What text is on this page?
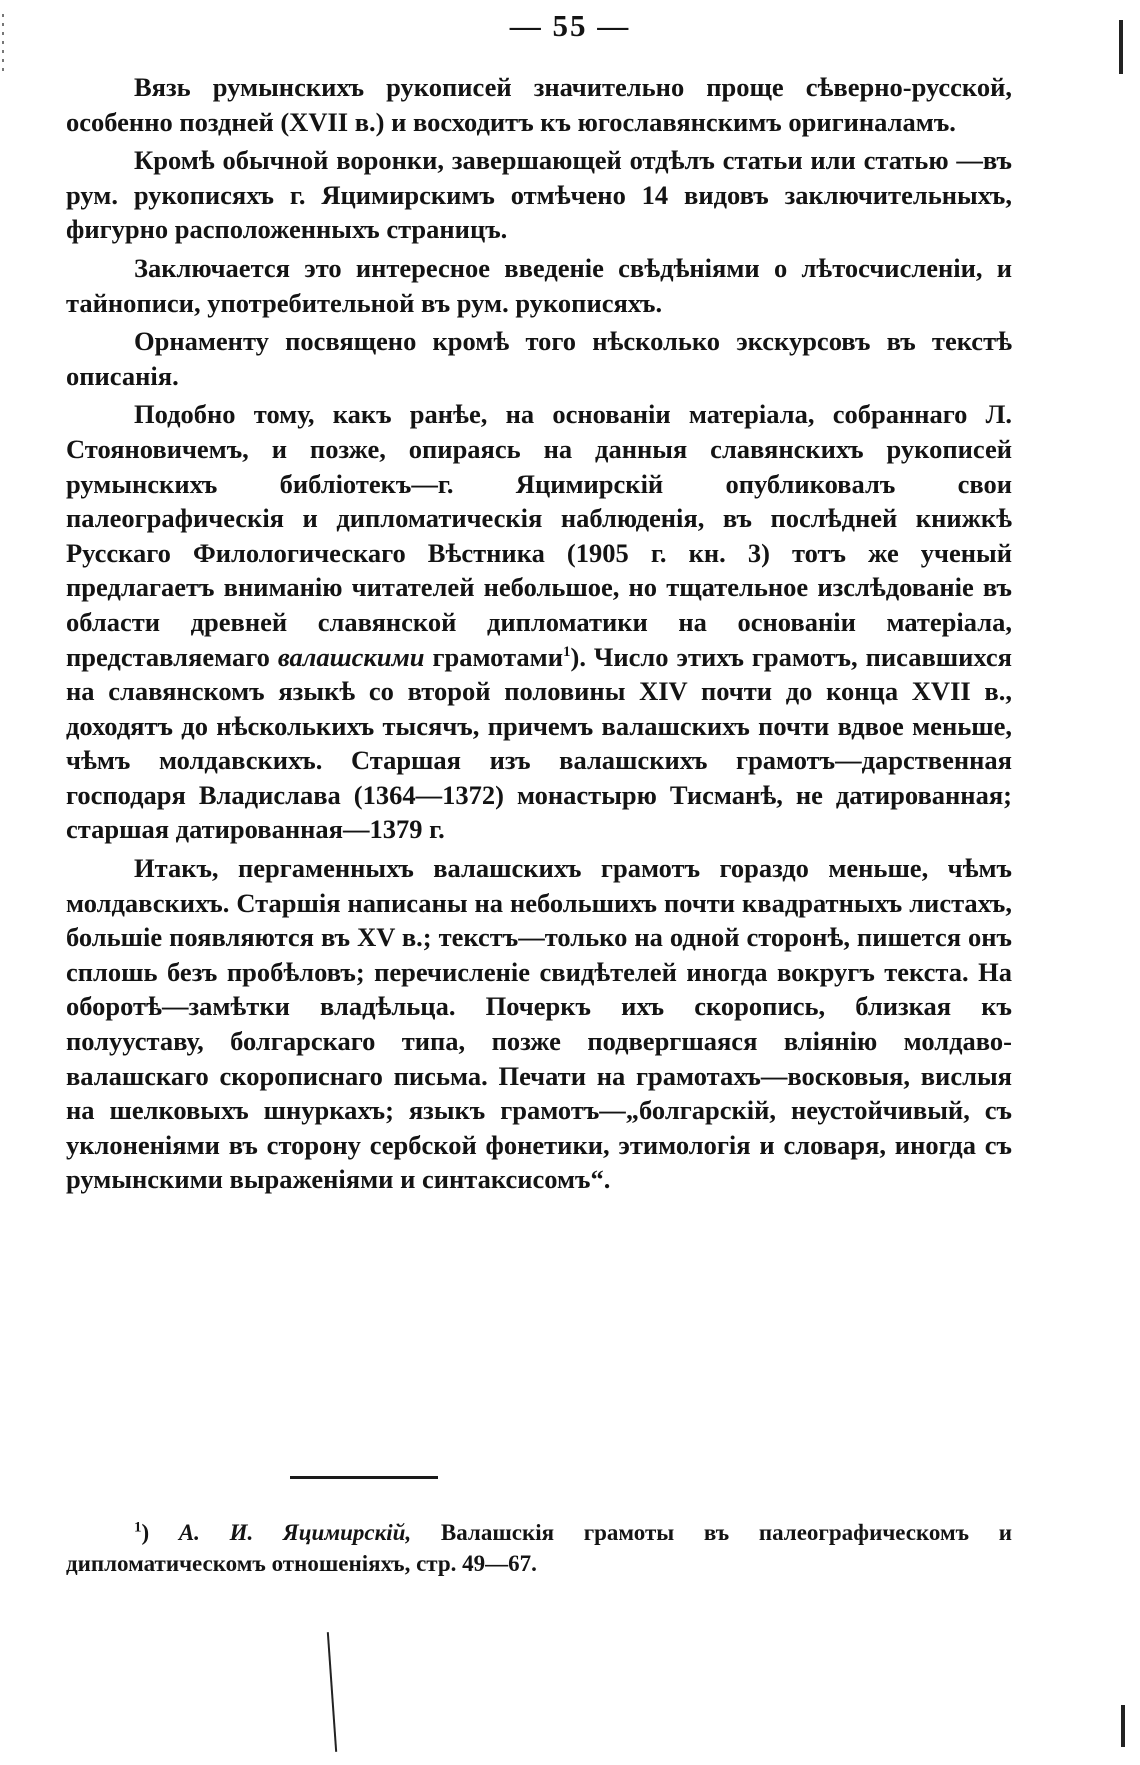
— 55 —

Вязь румынскихъ рукописей значительно проще сѣверно-русской, особенно поздней (XVII в.) и восходитъ къ югославянскимъ оригиналамъ.

Кромѣ обычной воронки, завершающей отдѣлъ статьи или статью —въ рум. рукописяхъ г. Яцимирскимъ отмѣчено 14 видовъ заключительныхъ, фигурно расположенныхъ страницъ.

Заключается это интересное введеніе свѣдѣніями о лѣтосчисленіи, и тайнописи, употребительной въ рум. рукописяхъ.

Орнаменту посвящено кромѣ того нѣсколько экскурсовъ въ текстѣ описанія.

Подобно тому, какъ ранѣе, на основаніи матеріала, собраннаго Л. Стояновичемъ, и позже, опираясь на данныя славянскихъ рукописей румынскихъ библіотекъ—г. Яцимирскій опубликовалъ свои палеографическія и дипломатическія наблюденія, въ послѣдней книжкѣ Русскаго Филологическаго Вѣстника (1905 г. кн. 3) тотъ же ученый предлагаетъ вниманію читателей небольшое, но тщательное изслѣдованіе въ области древней славянской дипломатики на основаніи матеріала, представляемаго валашскими грамотами$^1$). Число этихъ грамотъ, писавшихся на славянскомъ языкѣ со второй половины XIV почти до конца XVII в., доходятъ до нѣсколькихъ тысячъ, причемъ валашскихъ почти вдвое меньше, чѣмъ молдавскихъ. Старшая изъ валашскихъ грамотъ—дарственная господаря Владислава (1364—1372) монастырю Тисманѣ, не датированная; старшая датированная—1379 г.

Итакъ, пергаменныхъ валашскихъ грамотъ гораздо меньше, чѣмъ молдавскихъ. Старшія написаны на небольшихъ почти квадратныхъ листахъ, большіе появляются въ XV в.; текстъ—только на одной сторонѣ, пишется онъ сплошь безъ пробѣловъ; перечисленіе свидѣтелей иногда вокругъ текста. На оборотѣ—замѣтки владѣльца. Почеркъ ихъ скоропись, близкая къ полууставу, болгарскаго типа, позже подвергшаяся вліянію молдаво-валашскаго скорописнаго письма. Печати на грамотахъ—восковыя, вислыя на шелковыхъ шнуркахъ; языкъ грамотъ—„болгарскій, неустойчивый, съ уклоненіями въ сторону сербской фонетики, этимологія и словаря, иногда съ румынскими выраженіями и синтаксисомъ“.

$^1$) А. И. Яцимирскій, Валашскія грамоты въ палеографическомъ и дипломатическомъ отношеніяхъ, стр. 49—67.
